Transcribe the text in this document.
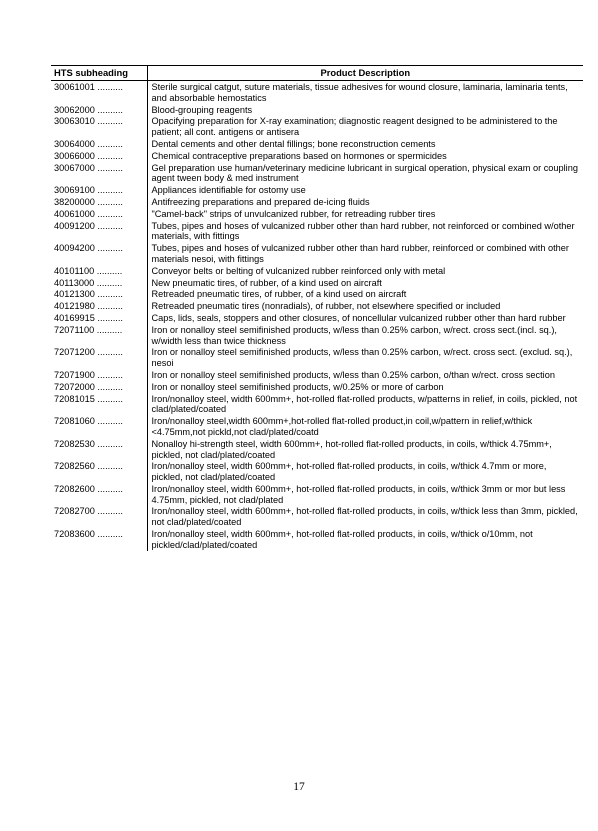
HTS subheading	Product Description
30061001 ..........	Sterile surgical catgut, suture materials, tissue adhesives for wound closure, laminaria, laminaria tents, and absorbable hemostatics
30062000 ..........	Blood-grouping reagents
30063010 ..........	Opacifying preparation for X-ray examination; diagnostic reagent designed to be administered to the patient; all cont. antigens or antisera
30064000 ..........	Dental cements and other dental fillings; bone reconstruction cements
30066000 ..........	Chemical contraceptive preparations based on hormones or spermicides
30067000 ..........	Gel preparation use human/veterinary medicine lubricant in surgical operation, physical exam or coupling agent tween body & med instrument
30069100 ..........	Appliances identifiable for ostomy use
38200000 ..........	Antifreezing preparations and prepared de-icing fluids
40061000 ..........	"Camel-back" strips of unvulcanized rubber, for retreading rubber tires
40091200 ..........	Tubes, pipes and hoses of vulcanized rubber other than hard rubber, not reinforced or combined w/other materials, with fittings
40094200 ..........	Tubes, pipes and hoses of vulcanized rubber other than hard rubber, reinforced or combined with other materials nesoi, with fittings
40101100 ..........	Conveyor belts or belting of vulcanized rubber reinforced only with metal
40113000 ..........	New pneumatic tires, of rubber, of a kind used on aircraft
40121300 ..........	Retreaded pneumatic tires, of rubber, of a kind used on aircraft
40121980 ..........	Retreaded pneumatic tires (nonradials), of rubber, not elsewhere specified or included
40169915 ..........	Caps, lids, seals, stoppers and other closures, of noncellular vulcanized rubber other than hard rubber
72071100 ..........	Iron or nonalloy steel semifinished products, w/less than 0.25% carbon, w/rect. cross sect.(incl. sq.), w/width less than twice thickness
72071200 ..........	Iron or nonalloy steel semifinished products, w/less than 0.25% carbon, w/rect. cross sect. (exclud. sq.), nesoi
72071900 ..........	Iron or nonalloy steel semifinished products, w/less than 0.25% carbon, o/than w/rect. cross section
72072000 ..........	Iron or nonalloy steel semifinished products, w/0.25% or more of carbon
72081015 ..........	Iron/nonalloy steel, width 600mm+, hot-rolled flat-rolled products, w/patterns in relief, in coils, pickled, not clad/plated/coated
72081060 ..........	Iron/nonalloy steel,width 600mm+,hot-rolled flat-rolled product,in coil,w/pattern in relief,w/thick <4.75mm,not pickld,not clad/plated/coatd
72082530 ..........	Nonalloy hi-strength steel, width 600mm+, hot-rolled flat-rolled products, in coils, w/thick 4.75mm+, pickled, not clad/plated/coated
72082560 ..........	Iron/nonalloy steel, width 600mm+, hot-rolled flat-rolled products, in coils, w/thick 4.7mm or more, pickled, not clad/plated/coated
72082600 ..........	Iron/nonalloy steel, width 600mm+, hot-rolled flat-rolled products, in coils, w/thick 3mm or mor but less 4.75mm, pickled, not clad/plated
72082700 ..........	Iron/nonalloy steel, width 600mm+, hot-rolled flat-rolled products, in coils, w/thick less than 3mm, pickled, not clad/plated/coated
72083600 ..........	Iron/nonalloy steel, width 600mm+, hot-rolled flat-rolled products, in coils, w/thick o/10mm, not pickled/clad/plated/coated
17
